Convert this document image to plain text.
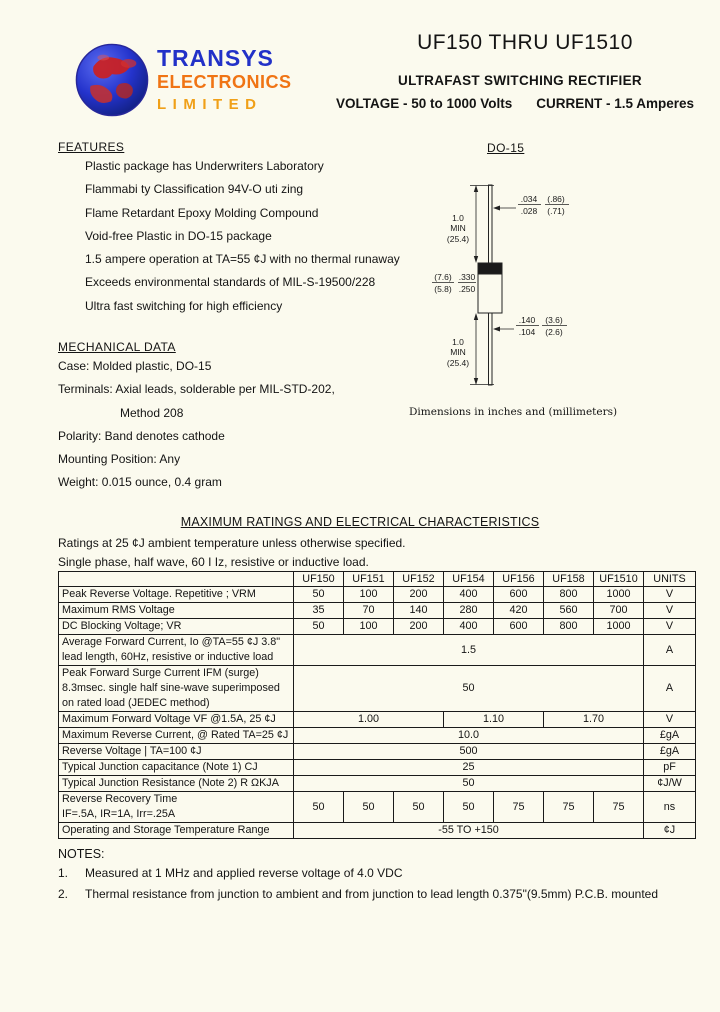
TRANSYS
ELECTRONICS
LIMITED
UF150 THRU UF1510
ULTRAFAST SWITCHING RECTIFIER
VOLTAGE - 50 to 1000 Volts CURRENT - 1.5 Amperes
FEATURES
Plastic package has Underwriters Laboratory
Flammabi ty Classification 94V-O uti zing
Flame Retardant Epoxy Molding Compound
Void-free Plastic in DO-15 package
1.5 ampere operation at TA=55 ¢J with no thermal runaway
Exceeds environmental standards of MIL-S-19500/228
Ultra fast switching for high efficiency
MECHANICAL DATA
Case: Molded plastic, DO-15
Terminals: Axial leads, solderable per MIL-STD-202,
Method 208
Polarity: Band denotes cathode
Mounting Position: Any
Weight: 0.015 ounce, 0.4 gram
DO-15
.034 (.86)
.028 (.71)
1.0
MIN
(25.4)
(7.6) .330
(5.8) .250
.140 (3.6)
.104 (2.6)
1.0
MIN
(25.4)
Dimensions in inches and (millimeters)
MAXIMUM RATINGS AND ELECTRICAL CHARACTERISTICS
Ratings at 25 ¢J ambient temperature unless otherwise specified.
Single phase, half wave, 60 I Iz, resistive or inductive load.
	UF150	UF151	UF152	UF154	UF156	UF158	UF1510	UNITS

Peak Reverse Voltage. Repetitive ; VRM	50	100	200	400	600	800	1000	V

Maximum RMS Voltage	35	70	140	280	420	560	700	V

DC Blocking Voltage; VR	50	100	200	400	600	800	1000	V

Average Forward Current, Io @TA=55 ¢J 3.8"
lead length, 60Hz, resistive or inductive load	1.5							A

Peak Forward Surge Current IFM (surge)
8.3msec. single half sine-wave superimposed
on rated load (JEDEC method)	50							A

Maximum Forward Voltage VF @1.5A, 25 ¢J	1.00			1.10		1.70		V

Maximum Reverse Current, @ Rated TA=25 ¢J	10.0							£gA

Reverse Voltage | TA=100 ¢J	500							£gA

Typical Junction capacitance (Note 1) CJ	25							pF

Typical Junction Resistance (Note 2) R ΩKJA	50							¢J/W

Reverse Recovery Time
IF=.5A, IR=1A, Irr=.25A	50	50	50	50	75	75	75	ns

Operating and Storage Temperature Range	-55 TO +150							¢J
NOTES:
1.	Measured at 1 MHz and applied reverse voltage of 4.0 VDC
2.	Thermal resistance from junction to ambient and from junction to lead length 0.375"(9.5mm) P.C.B. mounted
